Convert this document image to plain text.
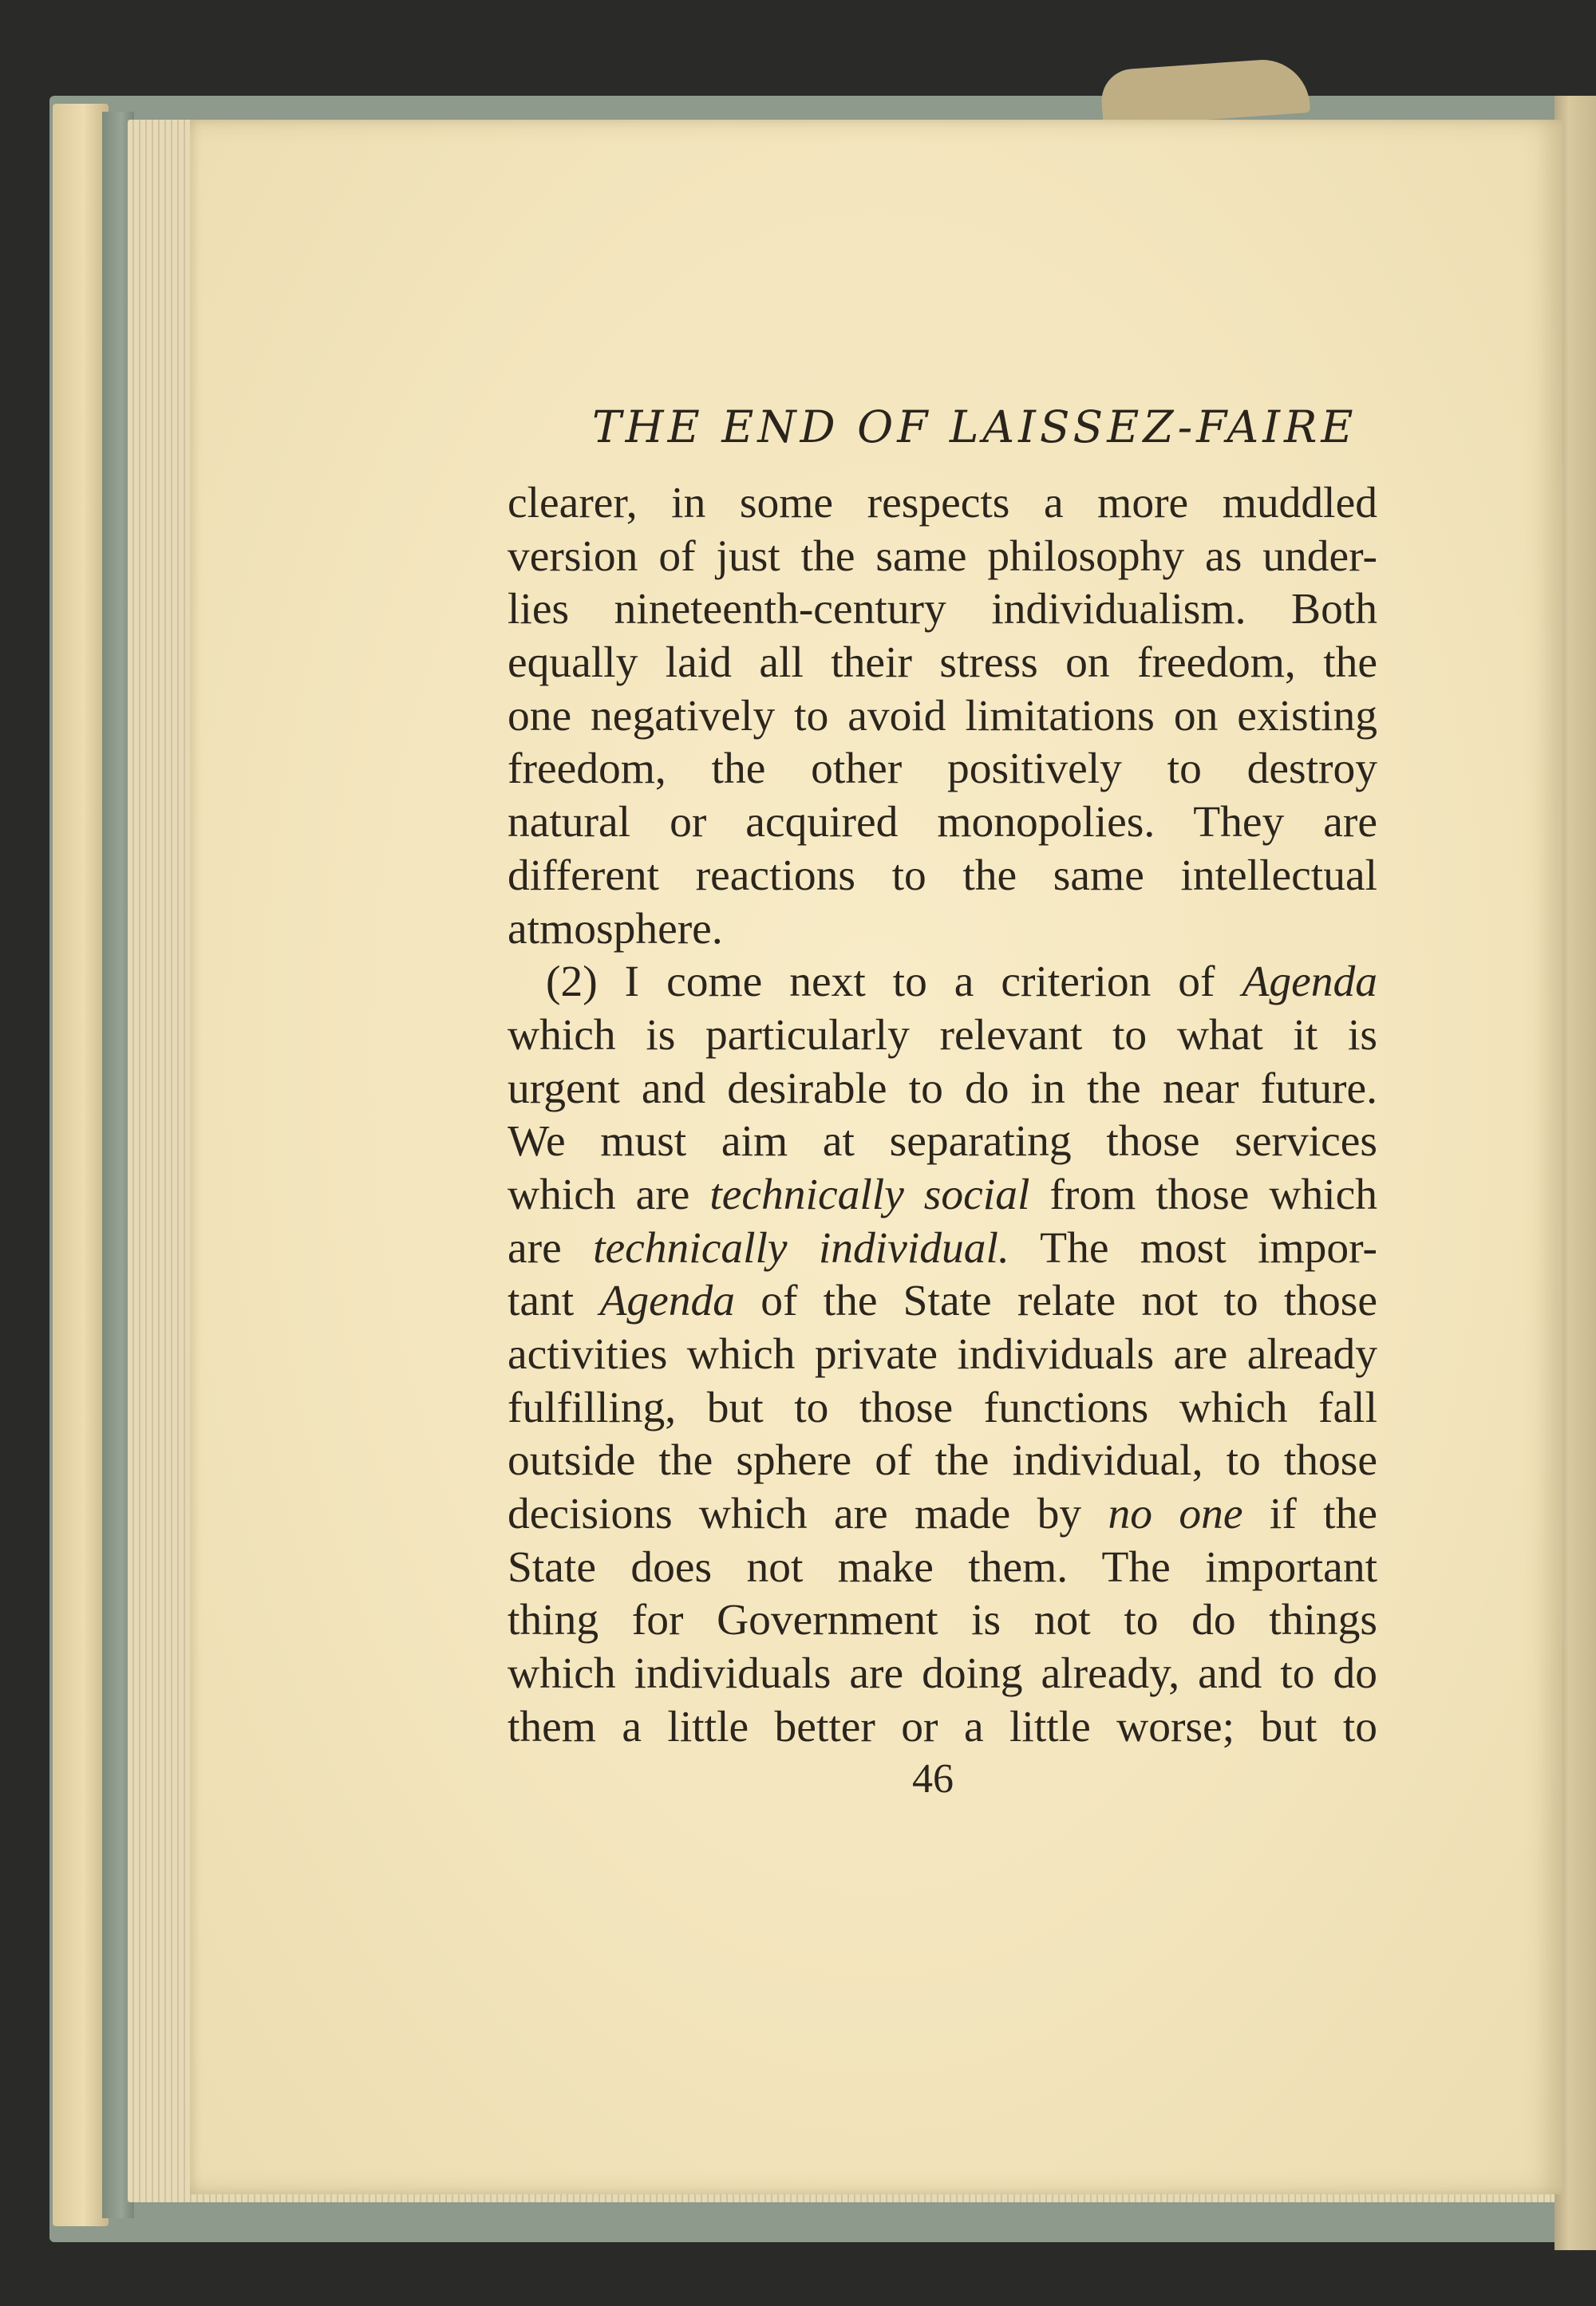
THE END OF LAISSEZ-FAIRE
clearer, in some respects a more muddled
version of just the same philosophy as under-
lies nineteenth-century individualism. Both
equally laid all their stress on freedom, the
one negatively to avoid limitations on existing
freedom, the other positively to destroy
natural or acquired monopolies. They are
different reactions to the same intellectual
atmosphere.
(2) I come next to a criterion of Agenda
which is particularly relevant to what it is
urgent and desirable to do in the near future.
We must aim at separating those services
which are technically social from those which
are technically individual. The most impor-
tant Agenda of the State relate not to those
activities which private individuals are already
fulfilling, but to those functions which fall
outside the sphere of the individual, to those
decisions which are made by no one if the
State does not make them. The important
thing for Government is not to do things
which individuals are doing already, and to do
them a little better or a little worse; but to
46
